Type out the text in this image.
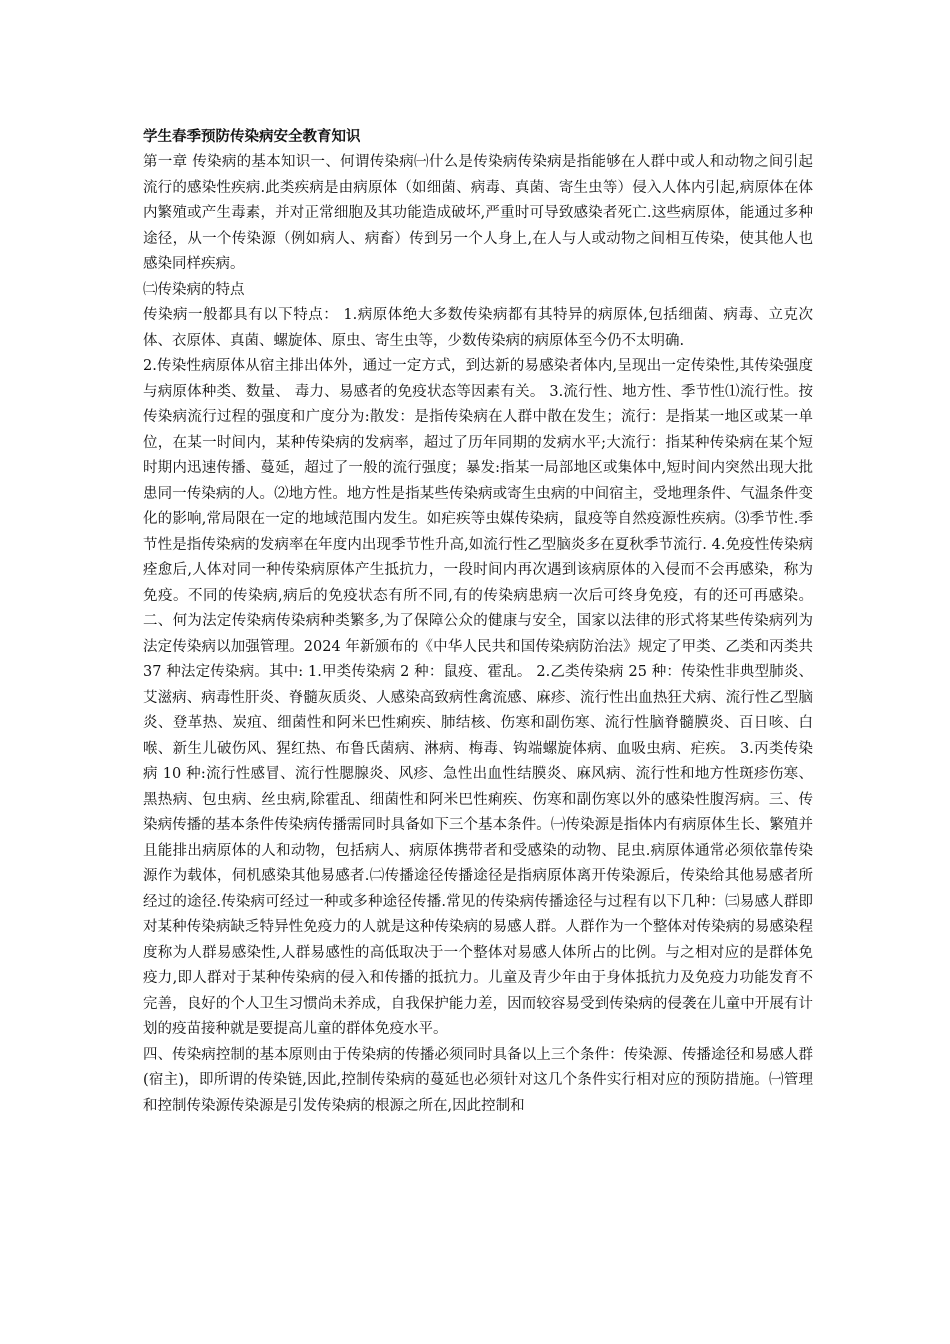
学生春季预防传染病安全教育知识

第一章 传染病的基本知识一、何谓传染病㈠什么是传染病传染病是指能够在人群中或人和动物之间引起流行的感染性疾病.此类疾病是由病原体（如细菌、病毒、真菌、寄生虫等）侵入人体内引起,病原体在体内繁殖或产生毒素，并对正常细胞及其功能造成破坏,严重时可导致感染者死亡.这些病原体，能通过多种途径，从一个传染源（例如病人、病畜）传到另一个人身上,在人与人或动物之间相互传染，使其他人也感染同样疾病。

㈡传染病的特点

传染病一般都具有以下特点： 1.病原体绝大多数传染病都有其特异的病原体,包括细菌、病毒、立克次体、衣原体、真菌、螺旋体、原虫、寄生虫等，少数传染病的病原体至今仍不太明确.

2.传染性病原体从宿主排出体外，通过一定方式，到达新的易感染者体内,呈现出一定传染性,其传染强度与病原体种类、数量、 毒力、易感者的免疫状态等因素有关。 3.流行性、地方性、季节性⑴流行性。按传染病流行过程的强度和广度分为:散发：是指传染病在人群中散在发生；流行：是指某一地区或某一单位，在某一时间内，某种传染病的发病率，超过了历年同期的发病水平;大流行：指某种传染病在某个短时期内迅速传播、蔓延，超过了一般的流行强度；暴发:指某一局部地区或集体中,短时间内突然出现大批患同一传染病的人。⑵地方性。地方性是指某些传染病或寄生虫病的中间宿主，受地理条件、气温条件变化的影响,常局限在一定的地域范围内发生。如疟疾等虫媒传染病，鼠疫等自然疫源性疾病。⑶季节性.季节性是指传染病的发病率在年度内出现季节性升高,如流行性乙型脑炎多在夏秋季节流行. 4.免疫性传染病痊愈后,人体对同一种传染病原体产生抵抗力，一段时间内再次遇到该病原体的入侵而不会再感染，称为免疫。不同的传染病,病后的免疫状态有所不同,有的传染病患病一次后可终身免疫，有的还可再感染。二、何为法定传染病传染病种类繁多,为了保障公众的健康与安全，国家以法律的形式将某些传染病列为法定传染病以加强管理。2024 年新颁布的《中华人民共和国传染病防治法》规定了甲类、乙类和丙类共 37 种法定传染病。其中: 1.甲类传染病 2 种：鼠疫、霍乱。 2.乙类传染病 25 种：传染性非典型肺炎、艾滋病、病毒性肝炎、脊髓灰质炎、人感染高致病性禽流感、麻疹、流行性出血热狂犬病、流行性乙型脑炎、登革热、炭疽、细菌性和阿米巴性痢疾、肺结核、伤寒和副伤寒、流行性脑脊髓膜炎、百日咳、白喉、新生儿破伤风、猩红热、布鲁氏菌病、淋病、梅毒、钩端螺旋体病、血吸虫病、疟疾。 3.丙类传染病 10 种:流行性感冒、流行性腮腺炎、风疹、急性出血性结膜炎、麻风病、流行性和地方性斑疹伤寒、黑热病、包虫病、丝虫病,除霍乱、细菌性和阿米巴性痢疾、伤寒和副伤寒以外的感染性腹泻病。三、传染病传播的基本条件传染病传播需同时具备如下三个基本条件。㈠传染源是指体内有病原体生长、繁殖并且能排出病原体的人和动物，包括病人、病原体携带者和受感染的动物、昆虫.病原体通常必须依靠传染源作为载体，伺机感染其他易感者.㈡传播途径传播途径是指病原体离开传染源后，传染给其他易感者所经过的途径.传染病可经过一种或多种途径传播.常见的传染病传播途径与过程有以下几种：㈢易感人群即对某种传染病缺乏特异性免疫力的人就是这种传染病的易感人群。人群作为一个整体对传染病的易感染程度称为人群易感染性,人群易感性的高低取决于一个整体对易感人体所占的比例。与之相对应的是群体免疫力,即人群对于某种传染病的侵入和传播的抵抗力。儿童及青少年由于身体抵抗力及免疫力功能发育不完善，良好的个人卫生习惯尚未养成，自我保护能力差，因而较容易受到传染病的侵袭在儿童中开展有计划的疫苗接种就是要提高儿童的群体免疫水平。

四、传染病控制的基本原则由于传染病的传播必须同时具备以上三个条件：传染源、传播途径和易感人群(宿主)，即所谓的传染链,因此,控制传染病的蔓延也必须针对这几个条件实行相对应的预防措施。㈠管理和控制传染源传染源是引发传染病的根源之所在,因此控制和
